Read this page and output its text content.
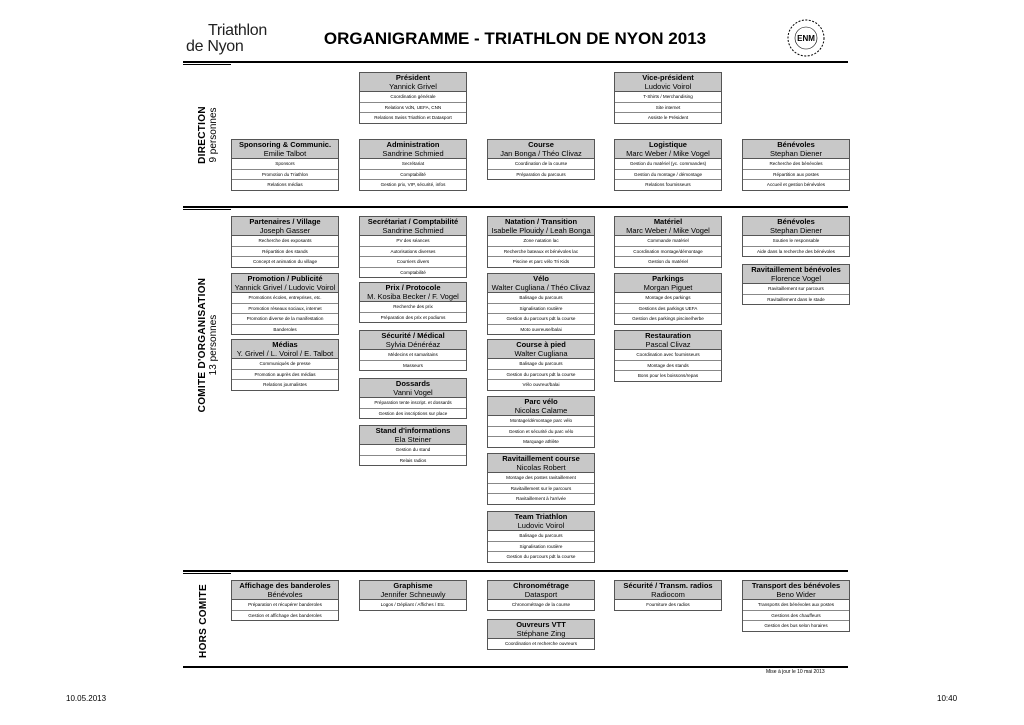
Triathlon
de Nyon	ORGANIGRAMME - TRIATHLON DE NYON 2013	ENM
DIRECTION 9 personnes
COMITE D'ORGANISATION 13 personnes
HORS COMITE
Président
Yannick Grivel
Coordination générale
Relations VdN, UEFA, CNN
Relations Swiss Triathlon et Datasport
Vice-président
Ludovic Voirol
T-Shirts / Merchandising
Site internet
Assiste le Président
Sponsoring & Communic.
Emilie Talbot
Sponsors
Promotion du Triathlon
Relations médias
Administration
Sandrine Schmied
Secrétariat
Comptabilité
Gestion prix, VIP, sécurité, infos
Course
Jan Bonga / Théo Clivaz
Coordination de la course
Préparation du parcours
Logistique
Marc Weber / Mike Vogel
Gestion du matériel (yc. commandes)
Gestion du montage / démontage
Relations fournisseurs
Bénévoles
Stephan Diener
Recherche des bénévoles
Répartition aux postes
Accueil et gestion bénévoles
Partenaires / Village
Joseph Gasser
Recherche des exposants
Répartition des stands
Concept et animation du village
Secrétariat / Comptabilité
Sandrine Schmied
PV des séances
Autorisations diverses
Courriers divers
Comptabilité
Natation / Transition
Isabelle Plouidy / Leah Bonga
Zone natation lac
Recherche bateaux et bénévoles lac
Piscine et parc vélo Tri Kids
Matériel
Marc Weber / Mike Vogel
Commande matériel
Coordination montage/démontage
Gestion du matériel
Bénévoles
Stephan Diener
Soutien le responsable
Aide dans la recherche des bénévoles
Ravitaillement bénévoles
Florence Vogel
Ravitaillement sur parcours
Ravitaillement dans le stade
Promotion / Publicité
Yannick Grivel / Ludovic Voirol
Promotions écoles, entreprises, etc.
Promotion réseaux sociaux, internet
Promotion diverse de la manifestation
Banderoles
Prix / Protocole
M. Kosiba Becker / F. Vogel
Recherche des prix
Préparation des prix et podiums
Vélo
Walter Cugliana / Théo Clivaz
Balisage du parcours
Signalisation routière
Gestion du parcours pdt la course
Moto ouvreuse/balai
Parkings
Morgan Piguet
Montage des parkings
Gestions des parkings UEFA
Gestion des parkings piscine/herbe
Médias
Y. Grivel / L. Voirol / E. Talbot
Communiqués de presse
Promotion auprès des médias
Relations journalistes
Sécurité / Médical
Sylvia Dénéréaz
Médecins et samaritains
Masseurs
Course à pied
Walter Cugliana
Balisage du parcours
Gestion du parcours pdt la course
Vélo ouvreur/balai
Restauration
Pascal Clivaz
Coordination avec fournisseurs
Montage des stands
Bons pour les boissons/repas
Dossards
Vanni Vogel
Préparation tente inscript. et dossards
Gestion des inscriptions sur place
Parc vélo
Nicolas Calame
Montage/démontage parc vélo
Gestion et sécurité du parc vélo
Marquage athlète
Stand d'informations
Ela Steiner
Gestion du stand
Relais radios	Ravitaillement course
Nicolas Robert
Montage des postes ravitaillement
Ravitaillement sur le parcours
Ravitaillement à l'arrivée
Team Triathlon
Ludovic Voirol
Balisage du parcours
Signalisation routière
Gestion du parcours pdt la course
Affichage des banderoles
Bénévoles
Préparation et récupérer banderoles
Gestion et affichage des banderoles
Graphisme
Jennifer Schneuwly
Logos / Dépliant / Affiches / Etc.
Chronométrage
Datasport
Chronométrage de la course
Sécurité / Transm. radios
Radiocom
Fourniture des radios
Transport des bénévoles
Beno Wider
Transports des bénévoles aux postes
Gestions des chauffeurs
Gestion des bus selon horaires
Ouvreurs VTT
Stéphane Zing
Coordination et recherche ouvreurs
Mise à jour le 10 mai 2013
10.05.2013	10:40
